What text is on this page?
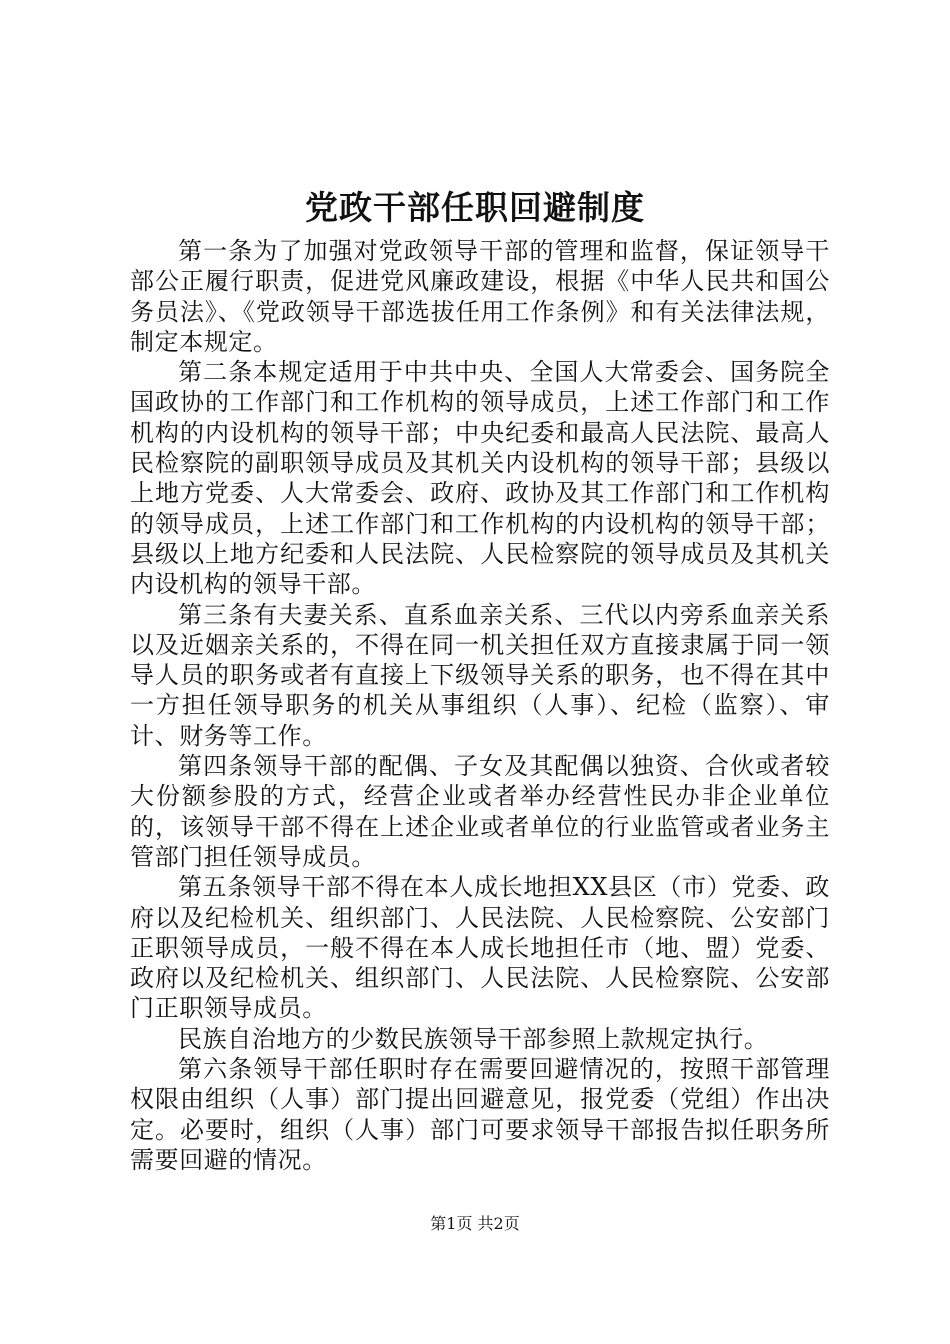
党政干部任职回避制度

第一条为了加强对党政领导干部的管理和监督，保证领导干部公正履行职责，促进党风廉政建设，根据《中华人民共和国公务员法》、《党政领导干部选拔任用工作条例》和有关法律法规，制定本规定。

第二条本规定适用于中共中央、全国人大常委会、国务院全国政协的工作部门和工作机构的领导成员，上述工作部门和工作机构的内设机构的领导干部；中央纪委和最高人民法院、最高人民检察院的副职领导成员及其机关内设机构的领导干部；县级以上地方党委、人大常委会、政府、政协及其工作部门和工作机构的领导成员，上述工作部门和工作机构的内设机构的领导干部；县级以上地方纪委和人民法院、人民检察院的领导成员及其机关内设机构的领导干部。

第三条有夫妻关系、直系血亲关系、三代以内旁系血亲关系以及近姻亲关系的，不得在同一机关担任双方直接隶属于同一领导人员的职务或者有直接上下级领导关系的职务，也不得在其中一方担任领导职务的机关从事组织（人事）、纪检（监察）、审计、财务等工作。

第四条领导干部的配偶、子女及其配偶以独资、合伙或者较大份额参股的方式，经营企业或者举办经营性民办非企业单位的，该领导干部不得在上述企业或者单位的行业监管或者业务主管部门担任领导成员。

第五条领导干部不得在本人成长地担XX县区（市）党委、政府以及纪检机关、组织部门、人民法院、人民检察院、公安部门正职领导成员，一般不得在本人成长地担任市（地、盟）党委、政府以及纪检机关、组织部门、人民法院、人民检察院、公安部门正职领导成员。

民族自治地方的少数民族领导干部参照上款规定执行。

第六条领导干部任职时存在需要回避情况的，按照干部管理权限由组织（人事）部门提出回避意见，报党委（党组）作出决定。必要时，组织（人事）部门可要求领导干部报告拟任职务所需要回避的情况。

第1页 共2页
